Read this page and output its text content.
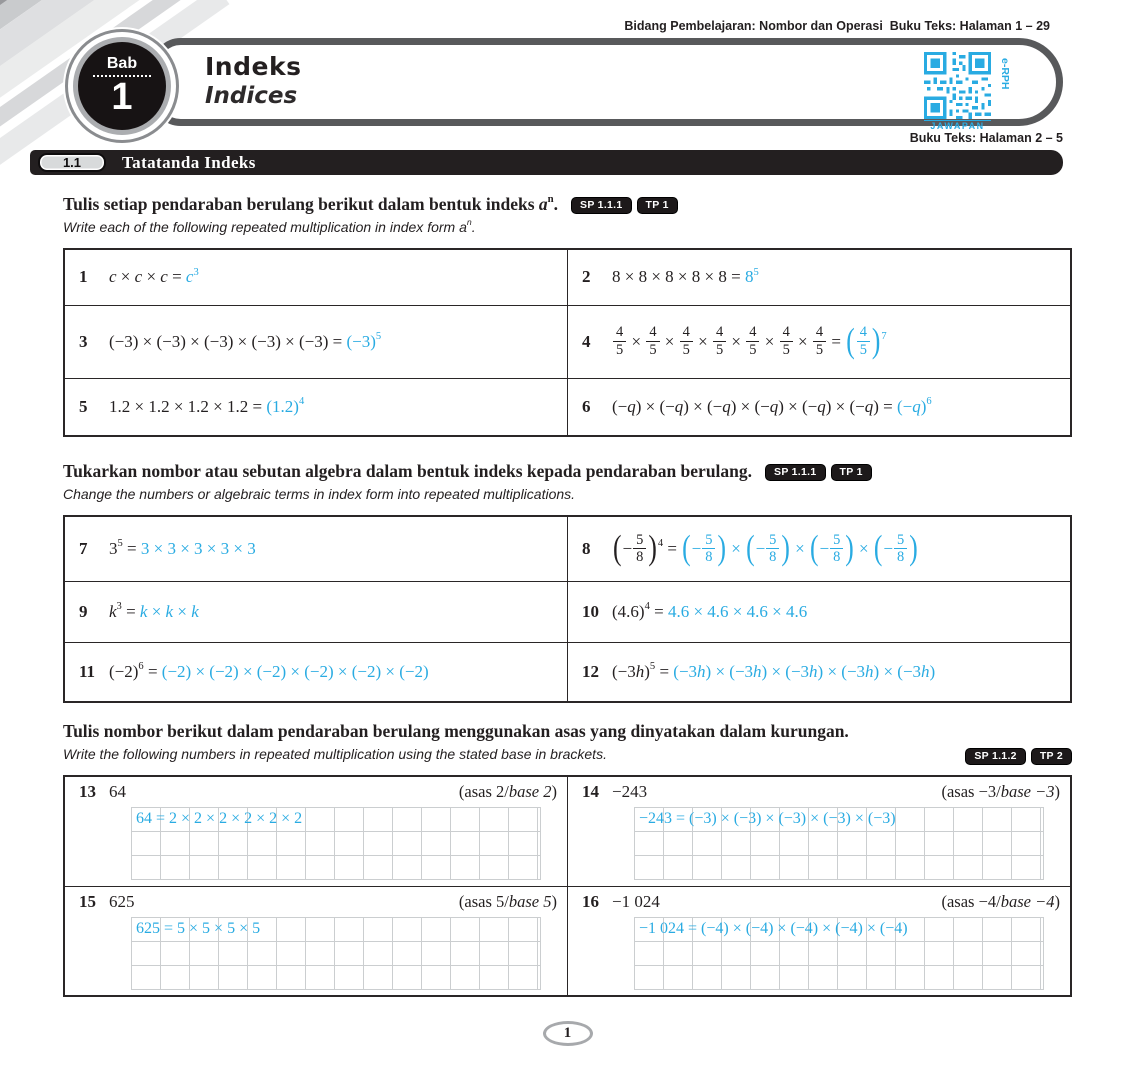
Bidang Pembelajaran: Nombor dan Operasi  Buku Teks: Halaman 1 – 29
Bab
1
Indeks
Indices
JAWAPAN
e-RPH
Buku Teks: Halaman 2 – 5
1.1	Tatatanda Indeks
Tulis setiap pendaraban berulang berikut dalam bentuk indeks $a^n$. SP 1.1.1 TP 1
Write each of the following repeated multiplication in index form $a^n$.
1 $c \times c \times c = c^3$	2 $8 \times 8 \times 8 \times 8 \times 8 = 8^5$

3	$(-3) \times (-3) \times (-3) \times (-3) \times (-3) = (-3)^5$	4	$\frac{4}{5} \times \frac{4}{5} \times \frac{4}{5} \times \frac{4}{5} \times \frac{4}{5} \times \frac{4}{5} \times \frac{4}{5}$ = ( $\frac{4}{5} )^7$

5 $1.2 \times 1.2 \times 1.2 \times 1.2 = (1.2)^4$	6 $(-q) \times (-q) \times (-q) \times (-q) \times (-q) \times (-q) = (-q)^6$
Tukarkan nombor atau sebutan algebra dalam bentuk indeks kepada pendaraban berulang. SP 1.1.1 TP 1
Change the numbers or algebraic terms in index form into repeated multiplications.
7	$3^5 = 3 \times 3 \times 3 \times 3 \times 3$	8 (− $\frac{5}{8} )^4$ = (− $\frac{5}{8}$ ) × (− $\frac{5}{8}$ ) × (− $\frac{5}{8}$ ) × (− $\frac{5}{8}$ )

9 $k^3 = k \times k \times k$	10 $(4.6)^4 = 4.6 \times 4.6 \times 4.6 \times 4.6$

11 $(-2)^6 = (-2) \times (-2) \times (-2) \times (-2) \times (-2) \times (-2)$	12 $(-3h)^5 = (-3h) \times (-3h) \times (-3h) \times (-3h) \times (-3h)$
Tulis nombor berikut dalam pendaraban berulang menggunakan asas yang dinyatakan dalam kurungan.
Write the following numbers in repeated multiplication using the stated base in brackets.	SP 1.1.2 TP 2
13 64	(asas 2/base 2)
64 = 2 × 2 × 2 × 2 × 2 × 2

14 −243	(asas −3/base −3)
−243 = (−3) × (−3) × (−3) × (−3) × (−3)

15 625	(asas 5/base 5)
625 = 5 × 5 × 5 × 5

16 −1 024	(asas −4/base −4)
−1 024 = (−4) × (−4) × (−4) × (−4) × (−4)
1
